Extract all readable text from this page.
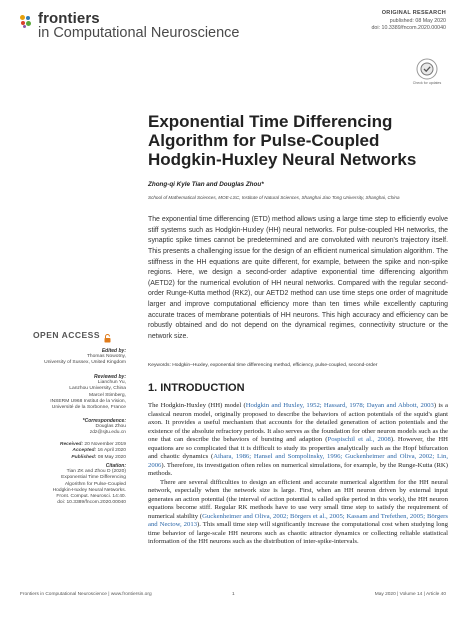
frontiers
in Computational Neuroscience
ORIGINAL RESEARCH
published: 08 May 2020
doi: 10.3389/fncom.2020.00040
Check for updates
Exponential Time Differencing Algorithm for Pulse-Coupled Hodgkin-Huxley Neural Networks
Zhong-qi Kyle Tian and Douglas Zhou*
School of Mathematical Sciences, MOE-LSC, Institute of Natural Sciences, Shanghai Jiao Tong University, Shanghai, China

The exponential time differencing (ETD) method allows using a large time step to efficiently evolve stiff systems such as Hodgkin-Huxley (HH) neural networks. For pulse-coupled HH networks, the synaptic spike times cannot be predetermined and are convoluted with neuron's trajectory itself. This presents a challenging issue for the design of an efficient numerical simulation algorithm. The stiffness in the HH equations are quite different, for example, between the spike and non-spike regions. Here, we design a second-order adaptive exponential time differencing algorithm (AETD2) for the numerical evolution of HH neural networks. Compared with the regular second-order Runge-Kutta method (RK2), our AETD2 method can use time steps one order of magnitude larger and improve computational efficiency more than ten times while excellently capturing accurate traces of membrane potentials of HH neurons. This high accuracy and efficiency can be robustly obtained and do not depend on the dynamical regimes, connectivity structure or the network size.

Keywords: Hodgkin–Huxley, exponential time differencing method, efficiency, pulse-coupled, second-order
1. INTRODUCTION

The Hodgkin-Huxley (HH) model (Hodgkin and Huxley, 1952; Hassard, 1978; Dayan and Abbott, 2003) is a classical neuron model, originally proposed to describe the behaviors of action potentials of the squid's giant axon. It provides a useful mechanism that accounts for the detailed generation of action potentials and the existence of the absolute refractory periods. It also serves as the foundation for other neuron models such as the one that can describe the behaviors of bursting and adaption (Pospischil et al., 2008). However, the HH equations are so complicated that it is difficult to study its properties analytically such as the Hopf bifurcation and chaotic dynamics (Aihara, 1986; Hansel and Sompolinsky, 1996; Guckenheimer and Oliva, 2002; Lin, 2006). Therefore, its investigation often relies on numerical simulations, for example, by the Runge-Kutta (RK) methods.

There are several difficulties to design an efficient and accurate numerical algorithm for the HH neural network, especially when the network size is large. First, when an HH neuron driven by external input generates an action potential (the interval of action potential is called spike period in this work), the HH neuron equations become stiff. Regular RK methods have to use very small time step to satisfy the requirement of numerical stability (Guckenheimer and Oliva, 2002; Börgers et al., 2005; Kassam and Trefethen, 2005; Börgers and Nectow, 2013). This small time step will significantly increase the computational cost when studying long time behavior of large-scale HH neurons such as chaotic attractor dynamics or collecting reliable statistical information of the HH neurons such as the distribution of inter-spike-intervals.

OPEN ACCESS
Edited by:
Thomas Nowotny,
University of Sussex, United Kingdom
Reviewed by:
Lianchun Yu,
Lanzhou University, China
Marcel Stimberg,
INSERM U968 Institut de la Vision,
Université de la Sorbonne, France
*Correspondence:
Douglas Zhou
zdz@sjtu.edu.cn
Received: 20 November 2019
Accepted: 16 April 2020
Published: 08 May 2020
Citation:
Tian ZK and Zhou D (2020)
Exponential Time Differencing
Algorithm for Pulse-Coupled
Hodgkin-Huxley Neural Networks.
Front. Comput. Neurosci. 14:40.
doi: 10.3389/fncom.2020.00040
Frontiers in Computational Neuroscience | www.frontiersin.org	1	May 2020 | Volume 14 | Article 40
